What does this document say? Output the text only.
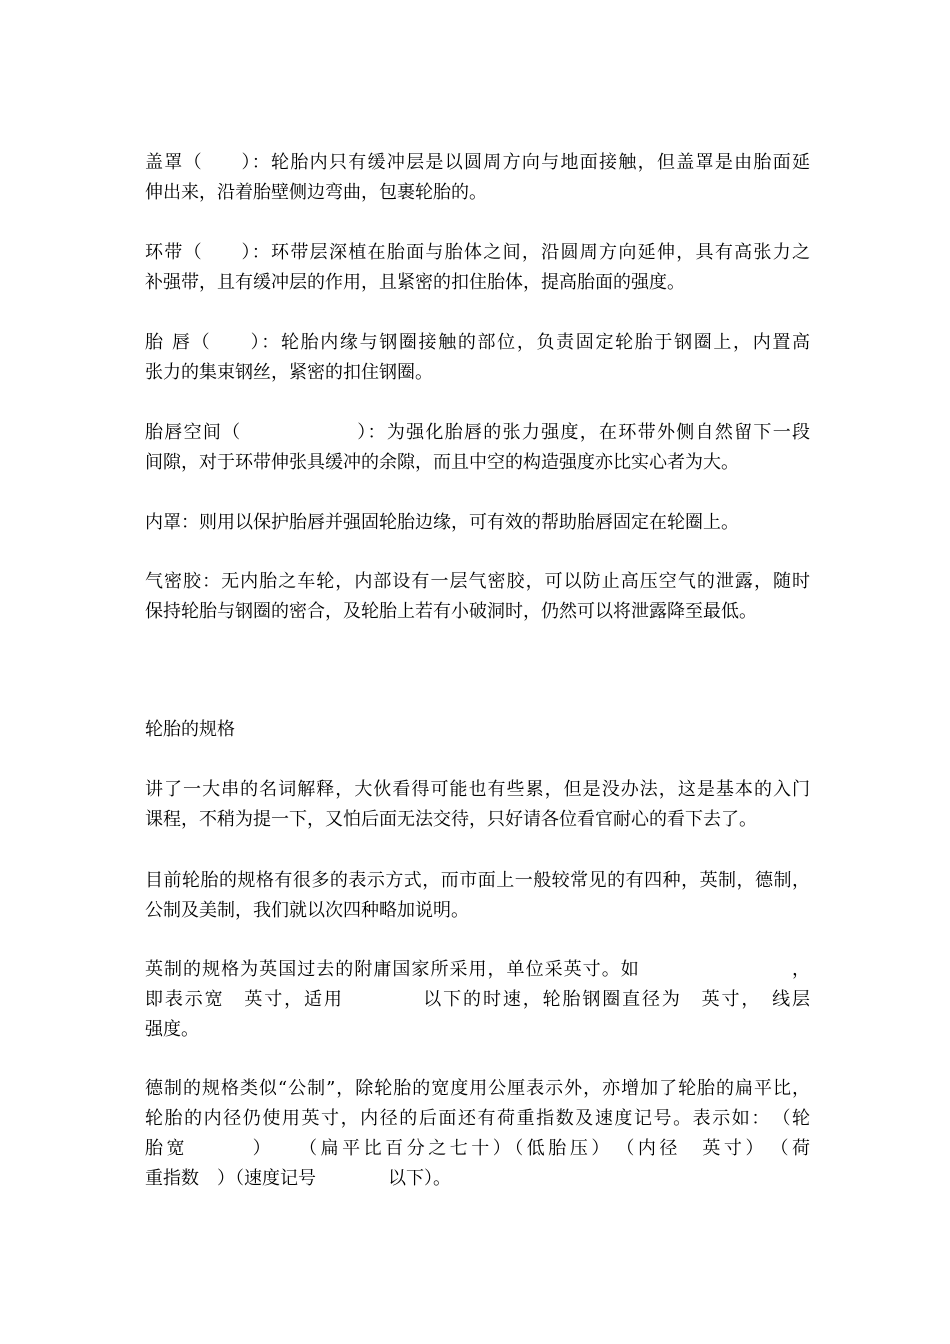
盖罩（　　）：轮胎内只有缓冲层是以圆周方向与地面接触，但盖罩是由胎面延
伸出来，沿着胎壁侧边弯曲，包裹轮胎的。
环带（　　）：环带层深植在胎面与胎体之间，沿圆周方向延伸，具有高张力之
补强带，且有缓冲层的作用，且紧密的扣住胎体，提高胎面的强度。
胎 唇（　　）：轮胎内缘与钢圈接触的部位，负责固定轮胎于钢圈上，内置高
张力的集束钢丝，紧密的扣住钢圈。
胎唇空间（　　　　　　）：为强化胎唇的张力强度，在环带外侧自然留下一段
间隙，对于环带伸张具缓冲的余隙，而且中空的构造强度亦比实心者为大。
内罩：则用以保护胎唇并强固轮胎边缘，可有效的帮助胎唇固定在轮圈上。
气密胶：无内胎之车轮，内部设有一层气密胶，可以防止高压空气的泄露，随时
保持轮胎与钢圈的密合，及轮胎上若有小破洞时，仍然可以将泄露降至最低。
轮胎的规格
讲了一大串的名词解释，大伙看得可能也有些累，但是没办法，这是基本的入门
课程，不稍为提一下，又怕后面无法交待，只好请各位看官耐心的看下去了。
目前轮胎的规格有很多的表示方式，而市面上一般较常见的有四种，英制，德制，
公制及美制，我们就以次四种略加说明。
英制的规格为英国过去的附庸国家所采用，单位采英寸。如　　　　　　　　，
即表示宽　英寸，适用　　　　以下的时速，轮胎钢圈直径为　英寸，　线层
强度。
德制的规格类似“公制”，除轮胎的宽度用公厘表示外，亦增加了轮胎的扁平比，
轮胎的内径仍使用英寸，内径的后面还有荷重指数及速度记号。表示如：　（轮
胎宽　　　）　　（扁平比百分之七十）（低胎压）　（内径　英寸）　（荷
重指数　）（速度记号　　　　以下）。
